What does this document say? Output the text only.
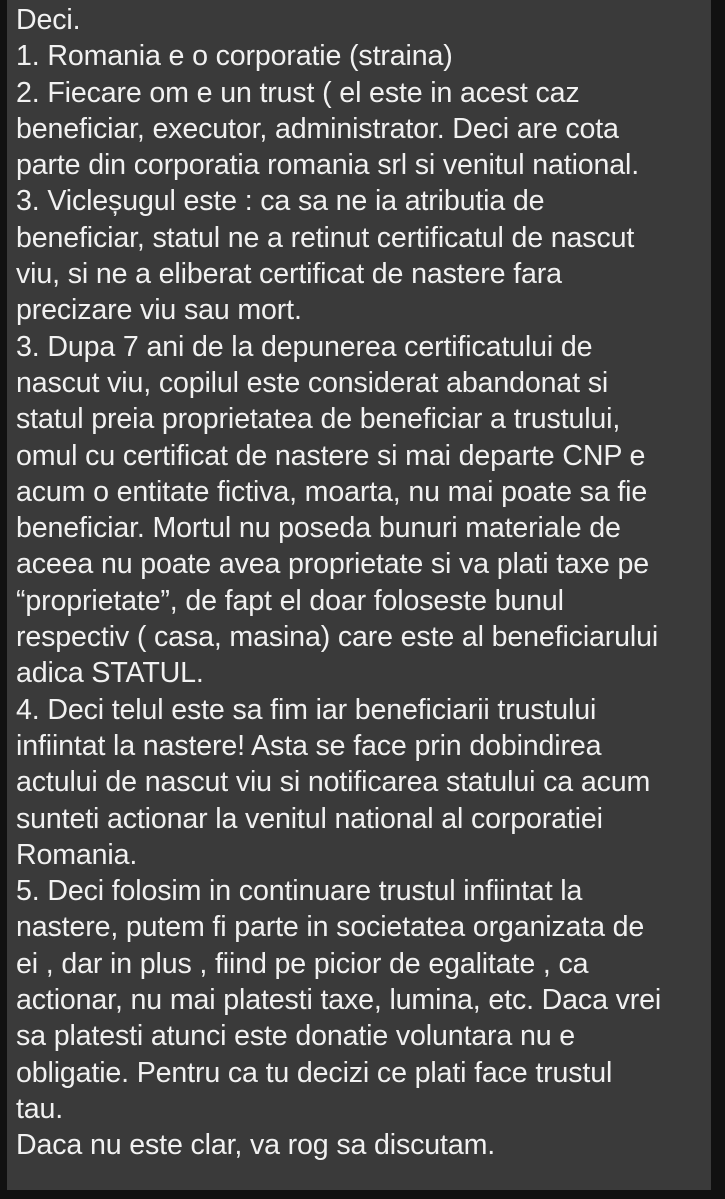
Deci.
1. Romania e o corporatie (straina)
2. Fiecare om e un trust ( el este in acest caz
beneficiar, executor, administrator. Deci are cota
parte din corporatia romania srl si venitul national.
3. Vicleșugul este : ca sa ne ia atributia de
beneficiar, statul ne a retinut certificatul de nascut
viu, si ne a eliberat certificat de nastere fara
precizare viu sau mort.
3. Dupa 7 ani de la depunerea certificatului de
nascut viu, copilul este considerat abandonat si
statul preia proprietatea de beneficiar a trustului,
omul cu certificat de nastere si mai departe CNP e
acum o entitate fictiva, moarta, nu mai poate sa fie
beneficiar. Mortul nu poseda bunuri materiale de
aceea nu poate avea proprietate si va plati taxe pe
“proprietate”, de fapt el doar foloseste bunul
respectiv ( casa, masina) care este al beneficiarului
adica STATUL.
4. Deci telul este sa fim iar beneficiarii trustului
infiintat la nastere! Asta se face prin dobindirea
actului de nascut viu si notificarea statului ca acum
sunteti actionar la venitul national al corporatiei
Romania.
5. Deci folosim in continuare trustul infiintat la
nastere, putem fi parte in societatea organizata de
ei , dar in plus , fiind pe picior de egalitate , ca
actionar, nu mai platesti taxe, lumina, etc. Daca vrei
sa platesti atunci este donatie voluntara nu e
obligatie. Pentru ca tu decizi ce plati face trustul
tau.
Daca nu este clar, va rog sa discutam.
